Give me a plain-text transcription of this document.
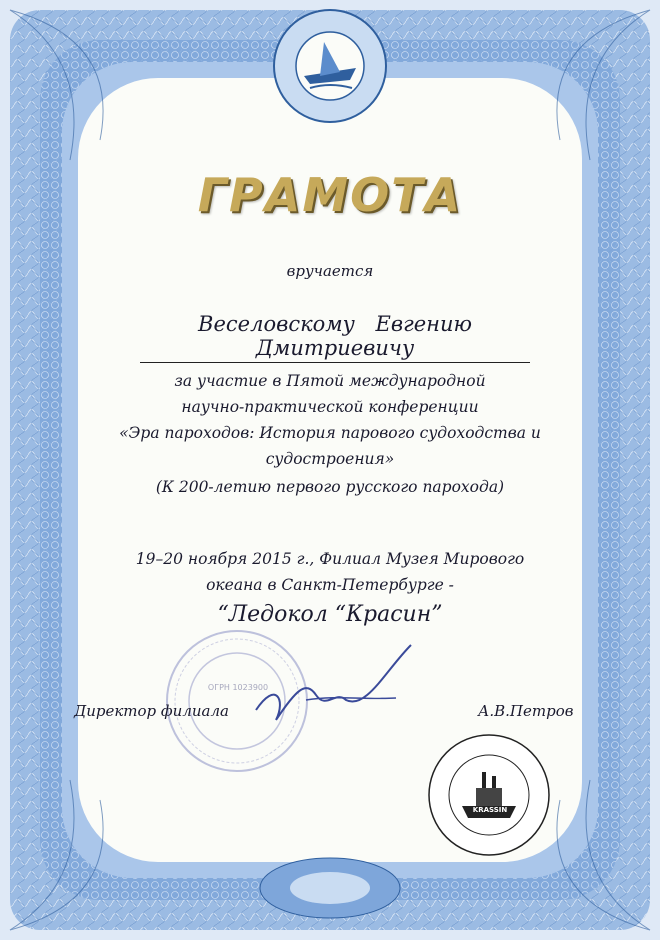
KRASSIN
ОГРН 1023900
ГРАМОТА
вручается
Веселовскому Евгению Дмитриевичу
за участие в Пятой международной
научно-практической конференции
«Эра пароходов: История парового судоходства и
судостроения»
(К 200-летию первого русского парохода)
19–20 ноября 2015 г., Филиал Музея Мирового
океана в Санкт-Петербурге -
“Ледокол “Красин”
Директор филиала	А.В.Петров
